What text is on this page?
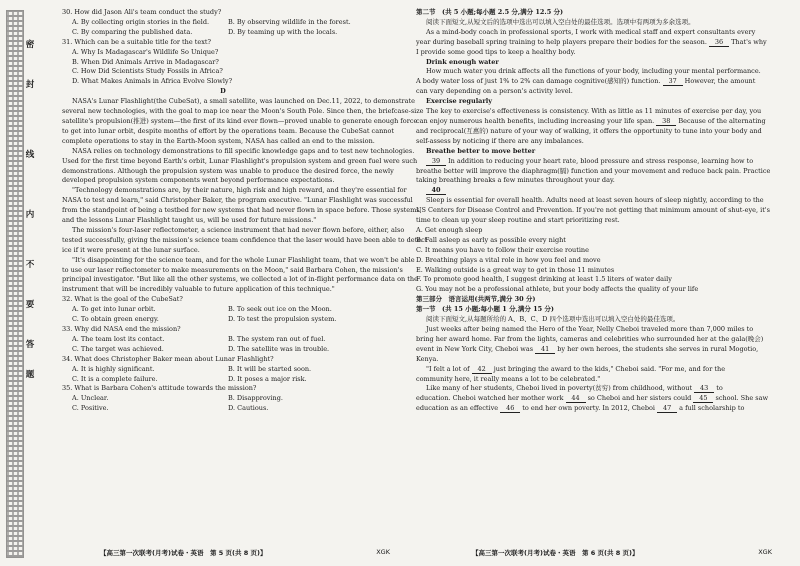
密
封
线
内
不
要
答
题
30. How did Jason Ali's team conduct the study?
A. By collecting origin stories in the field.	B. By observing wildlife in the forest.
C. By comparing the published data.	D. By teaming up with the locals.
31. Which can be a suitable title for the text?
A. Why Is Madagascar's Wildlife So Unique?
B. When Did Animals Arrive in Madagascar?
C. How Did Scientists Study Fossils in Africa?
D. What Makes Animals in Africa Evolve Slowly?
D
NASA's Lunar Flashlight(the CubeSat), a small satellite, was launched on Dec.11, 2022, to demonstrate
several new technologies, with the goal to map ice near the Moon's South Pole. Since then, the briefcase-size
satellite's propulsion(推进) system—the first of its kind ever flown—proved unable to generate enough force
to get into lunar orbit, despite months of effort by the operations team. Because the CubeSat cannot
complete operations to stay in the Earth-Moon system, NASA has called an end to the mission.
NASA relies on technology demonstrations to fill specific knowledge gaps and to test new technologies.
Used for the first time beyond Earth's orbit, Lunar Flashlight's propulsion system and green fuel were such
demonstrations. Although the propulsion system was unable to produce the desired force, the newly
developed propulsion system components went beyond performance expectations.
"Technology demonstrations are, by their nature, high risk and high reward, and they're essential for
NASA to test and learn," said Christopher Baker, the program executive. "Lunar Flashlight was successful
from the standpoint of being a testbed for new systems that had never flown in space before. Those systems,
and the lessons Lunar Flashlight taught us, will be used for future missions."
The mission's four-laser reflectometer, a science instrument that had never flown before, either, also
tested successfully, giving the mission's science team confidence that the laser would have been able to detect
ice if it were present at the lunar surface.
"It's disappointing for the science team, and for the whole Lunar Flashlight team, that we won't be able
to use our laser reflectometer to make measurements on the Moon," said Barbara Cohen, the mission's
principal investigator. "But like all the other systems, we collected a lot of in-flight performance data on the
instrument that will be incredibly valuable to future application of this technique."
32. What is the goal of the CubeSat?
A. To get into lunar orbit.	B. To seek out ice on the Moon.
C. To obtain green energy.	D. To test the propulsion system.
33. Why did NASA end the mission?
A. The team lost its contact.	B. The system ran out of fuel.
C. The target was achieved.	D. The satellite was in trouble.
34. What does Christopher Baker mean about Lunar Flashlight?
A. It is highly significant.	B. It will be started soon.
C. It is a complete failure.	D. It poses a major risk.
35. What is Barbara Cohen's attitude towards the mission?
A. Unclear.	B. Disapproving.
C. Positive.	D. Cautious.
【高三第一次联考(月考)试卷・英语　第 5 页(共 8 页)】	XGK
第二节　(共 5 小题;每小题 2.5 分,满分 12.5 分)
阅读下面短文,从短文后的选项中选出可以填入空白处的最佳选项。选项中有两项为多余选项。
As a mind-body coach in professional sports, I work with medical staff and expert consultants every
year during baseball spring training to help players prepare their bodies for the season. 36 That's why
I provide some good tips to keep a healthy body.
Drink enough water
How much water you drink affects all the functions of your body, including your mental performance.
A body water loss of just 1% to 2% can damage cognitive(感知的) function. 37 However, the amount
can vary depending on a person's activity level.
Exercise regularly
The key to exercise's effectiveness is consistency. With as little as 11 minutes of exercise per day, you
can enjoy numerous health benefits, including increasing your life span. 38 Because of the alternating
and reciprocal(互惠的) nature of your way of walking, it offers the opportunity to tune into your body and
self-assess by noticing if there are any imbalances.
Breathe better to move better
39 In addition to reducing your heart rate, blood pressure and stress response, learning how to
breathe better will improve the diaphragm(膈) function and your movement and reduce back pain. Practice
taking breathing breaks a few minutes throughout your day.
40
Sleep is essential for overall health. Adults need at least seven hours of sleep nightly, according to the
US Centers for Disease Control and Prevention. If you're not getting that minimum amount of shut-eye, it's
time to clean up your sleep routine and start prioritizing rest.
A. Get enough sleep
B. Fall asleep as early as possible every night
C. It means you have to follow their exercise routine
D. Breathing plays a vital role in how you feel and move
E. Walking outside is a great way to get in those 11 minutes
F. To promote good health, I suggest drinking at least 1.5 liters of water daily
G. You may not be a professional athlete, but your body affects the quality of your life
第三部分　语言运用(共两节,满分 30 分)
第一节　(共 15 小题;每小题 1 分,满分 15 分)
阅读下面短文,从每题所给的 A、B、C、D 四个选项中选出可以填入空白处的最佳选项。
Just weeks after being named the Hero of the Year, Nelly Cheboi traveled more than 7,000 miles to
bring her award home. Far from the lights, cameras and celebrities who surrounded her at the gala(晚会)
event in New York City, Cheboi was 41 by her own heroes, the students she serves in rural Mogotio,
Kenya.
"I felt a lot of 42 just bringing the award to the kids," Cheboi said. "For me, and for the
community here, it really means a lot to be celebrated."
Like many of her students, Cheboi lived in poverty(贫穷) from childhood, without 43 to
education. Cheboi watched her mother work 44 so Cheboi and her sisters could 45 school. She saw
education as an effective 46 to end her own poverty. In 2012, Cheboi 47 a full scholarship to
【高三第一次联考(月考)试卷・英语　第 6 页(共 8 页)】	XGK
